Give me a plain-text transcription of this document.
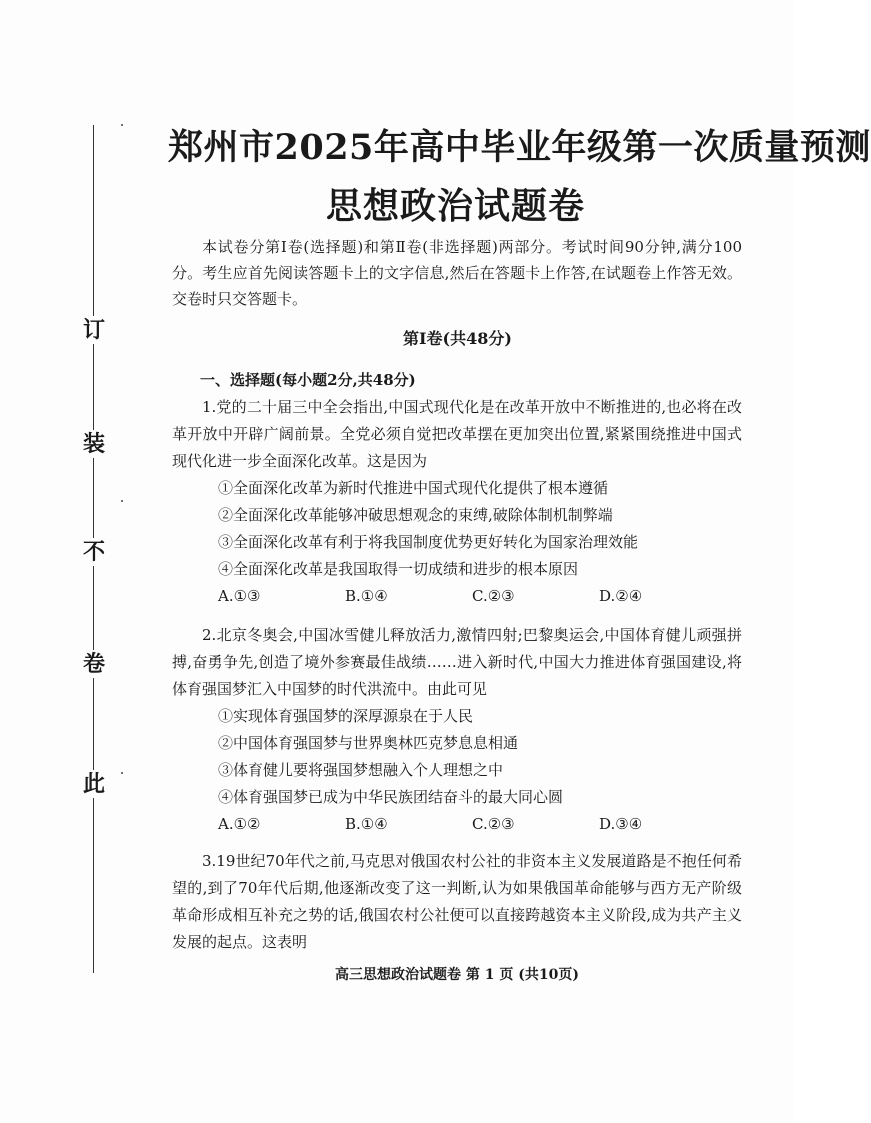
订
装
不
卷
此
郑州市2025年高中毕业年级第一次质量预测
思想政治试题卷
本试卷分第Ⅰ卷(选择题)和第Ⅱ卷(非选择题)两部分。考试时间90分钟,满分100分。考生应首先阅读答题卡上的文字信息,然后在答题卡上作答,在试题卷上作答无效。交卷时只交答题卡。
第Ⅰ卷(共48分)
一、选择题(每小题2分,共48分)
1.党的二十届三中全会指出,中国式现代化是在改革开放中不断推进的,也必将在改革开放中开辟广阔前景。全党必须自觉把改革摆在更加突出位置,紧紧围绕推进中国式现代化进一步全面深化改革。这是因为
①全面深化改革为新时代推进中国式现代化提供了根本遵循
②全面深化改革能够冲破思想观念的束缚,破除体制机制弊端
③全面深化改革有利于将我国制度优势更好转化为国家治理效能
④全面深化改革是我国取得一切成绩和进步的根本原因
A.①③	B.①④	C.②③	D.②④
2.北京冬奥会,中国冰雪健儿释放活力,激情四射;巴黎奥运会,中国体育健儿顽强拼搏,奋勇争先,创造了境外参赛最佳战绩……进入新时代,中国大力推进体育强国建设,将体育强国梦汇入中国梦的时代洪流中。由此可见
①实现体育强国梦的深厚源泉在于人民
②中国体育强国梦与世界奥林匹克梦息息相通
③体育健儿要将强国梦想融入个人理想之中
④体育强国梦已成为中华民族团结奋斗的最大同心圆
A.①②	B.①④	C.②③	D.③④
3.19世纪70年代之前,马克思对俄国农村公社的非资本主义发展道路是不抱任何希望的,到了70年代后期,他逐渐改变了这一判断,认为如果俄国革命能够与西方无产阶级革命形成相互补充之势的话,俄国农村公社便可以直接跨越资本主义阶段,成为共产主义发展的起点。这表明
高三思想政治试题卷 第 1 页 (共10页)
